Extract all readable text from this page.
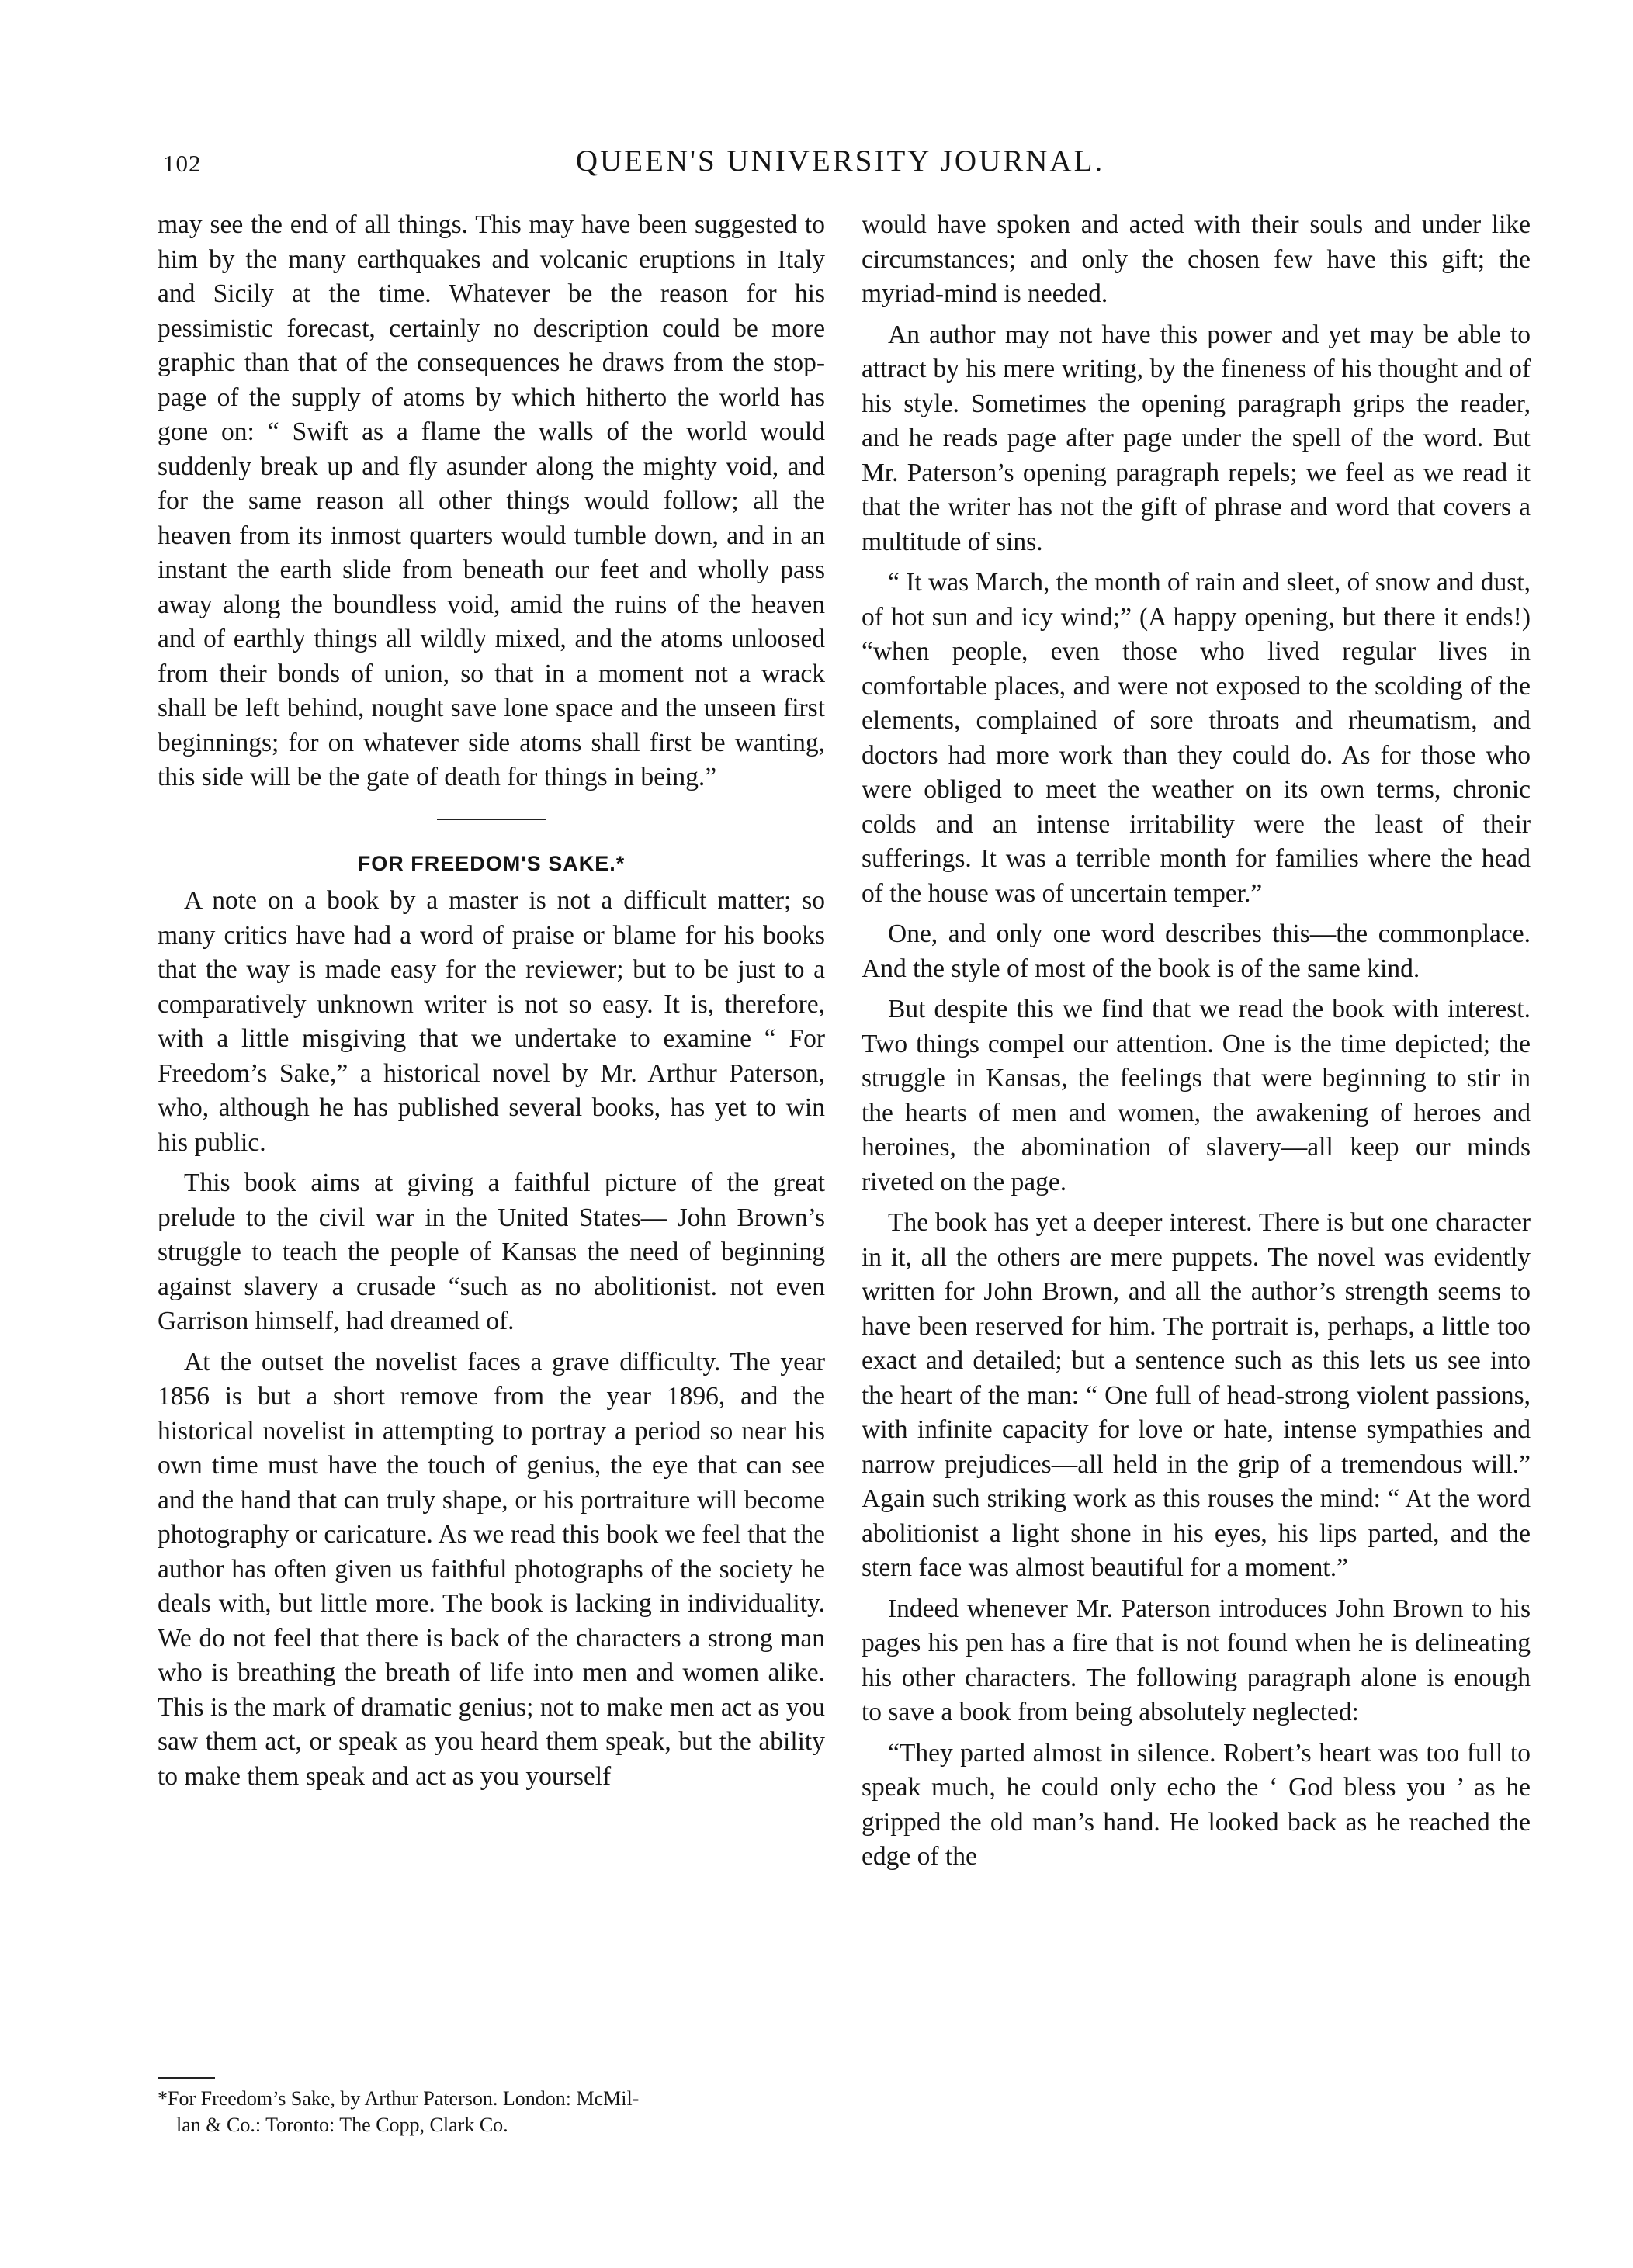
102	QUEEN'S UNIVERSITY JOURNAL.

may see the end of all things. This may have been suggested to him by the many earthquakes and volcanic eruptions in Italy and Sicily at the time. Whatever be the reason for his pessimistic forecast, certainly no description could be more graphic than that of the consequences he draws from the stoppage of the supply of atoms by which hitherto the world has gone on: “ Swift as a flame the walls of the world would suddenly break up and fly asunder along the mighty void, and for the same reason all other things would follow; all the heaven from its inmost quarters would tumble down, and in an instant the earth slide from beneath our feet and wholly pass away along the boundless void, amid the ruins of the heaven and of earthly things all wildly mixed, and the atoms unloosed from their bonds of union, so that in a moment not a wrack shall be left behind, nought save lone space and the unseen first beginnings; for on whatever side atoms shall first be wanting, this side will be the gate of death for things in being.”

FOR FREEDOM'S SAKE.*

A note on a book by a master is not a difficult matter; so many critics have had a word of praise or blame for his books that the way is made easy for the reviewer; but to be just to a comparatively unknown writer is not so easy. It is, therefore, with a little misgiving that we undertake to examine “ For Freedom’s Sake,” a historical novel by Mr. Arthur Paterson, who, although he has published several books, has yet to win his public.

This book aims at giving a faithful picture of the great prelude to the civil war in the United States— John Brown’s struggle to teach the people of Kansas the need of beginning against slavery a crusade “such as no abolitionist. not even Garrison himself, had dreamed of.

At the outset the novelist faces a grave difficulty. The year 1856 is but a short remove from the year 1896, and the historical novelist in attempting to portray a period so near his own time must have the touch of genius, the eye that can see and the hand that can truly shape, or his portraiture will become photography or caricature. As we read this book we feel that the author has often given us faithful photographs of the society he deals with, but little more. The book is lacking in individuality. We do not feel that there is back of the characters a strong man who is breathing the breath of life into men and women alike. This is the mark of dramatic genius; not to make men act as you saw them act, or speak as you heard them speak, but the ability to make them speak and act as you yourself

*For Freedom’s Sake, by Arthur Paterson. London: McMil-
lan & Co.: Toronto: The Copp, Clark Co.

would have spoken and acted with their souls and under like circumstances; and only the chosen few have this gift; the myriad-mind is needed.

An author may not have this power and yet may be able to attract by his mere writing, by the fineness of his thought and of his style. Sometimes the opening paragraph grips the reader, and he reads page after page under the spell of the word. But Mr. Paterson’s opening paragraph repels; we feel as we read it that the writer has not the gift of phrase and word that covers a multitude of sins.

“ It was March, the month of rain and sleet, of snow and dust, of hot sun and icy wind;” (A happy opening, but there it ends!) “when people, even those who lived regular lives in comfortable places, and were not exposed to the scolding of the elements, complained of sore throats and rheumatism, and doctors had more work than they could do. As for those who were obliged to meet the weather on its own terms, chronic colds and an intense irritability were the least of their sufferings. It was a terrible month for families where the head of the house was of uncertain temper.”

One, and only one word describes this—the commonplace. And the style of most of the book is of the same kind.

But despite this we find that we read the book with interest. Two things compel our attention. One is the time depicted; the struggle in Kansas, the feelings that were beginning to stir in the hearts of men and women, the awakening of heroes and heroines, the abomination of slavery—all keep our minds riveted on the page.

The book has yet a deeper interest. There is but one character in it, all the others are mere puppets. The novel was evidently written for John Brown, and all the author’s strength seems to have been reserved for him. The portrait is, perhaps, a little too exact and detailed; but a sentence such as this lets us see into the heart of the man: “ One full of head-strong violent passions, with infinite capacity for love or hate, intense sympathies and narrow prejudices—all held in the grip of a tremendous will.” Again such striking work as this rouses the mind: “ At the word abolitionist a light shone in his eyes, his lips parted, and the stern face was almost beautiful for a moment.”

Indeed whenever Mr. Paterson introduces John Brown to his pages his pen has a fire that is not found when he is delineating his other characters. The following paragraph alone is enough to save a book from being absolutely neglected:

“They parted almost in silence. Robert’s heart was too full to speak much, he could only echo the ‘ God bless you ’ as he gripped the old man’s hand. He looked back as he reached the edge of the
